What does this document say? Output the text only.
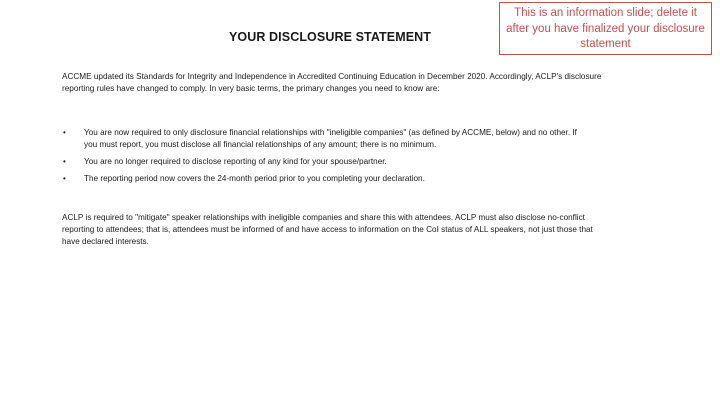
This is an information slide; delete it after you have finalized your disclosure statement
YOUR DISCLOSURE STATEMENT

ACCME updated its Standards for Integrity and Independence in Accredited Continuing Education in December 2020. Accordingly, ACLP's disclosure reporting rules have changed to comply. In very basic terms, the primary changes you need to know are:

• You are now required to only disclosure financial relationships with "ineligible companies" (as defined by ACCME, below) and no other. If you must report, you must disclose all financial relationships of any amount; there is no minimum.
• You are no longer required to disclose reporting of any kind for your spouse/partner.
• The reporting period now covers the 24-month period prior to you completing your declaration.

ACLP is required to "mitigate" speaker relationships with ineligible companies and share this with attendees. ACLP must also disclose no-conflict reporting to attendees; that is, attendees must be informed of and have access to information on the CoI status of ALL speakers, not just those that have declared interests.
